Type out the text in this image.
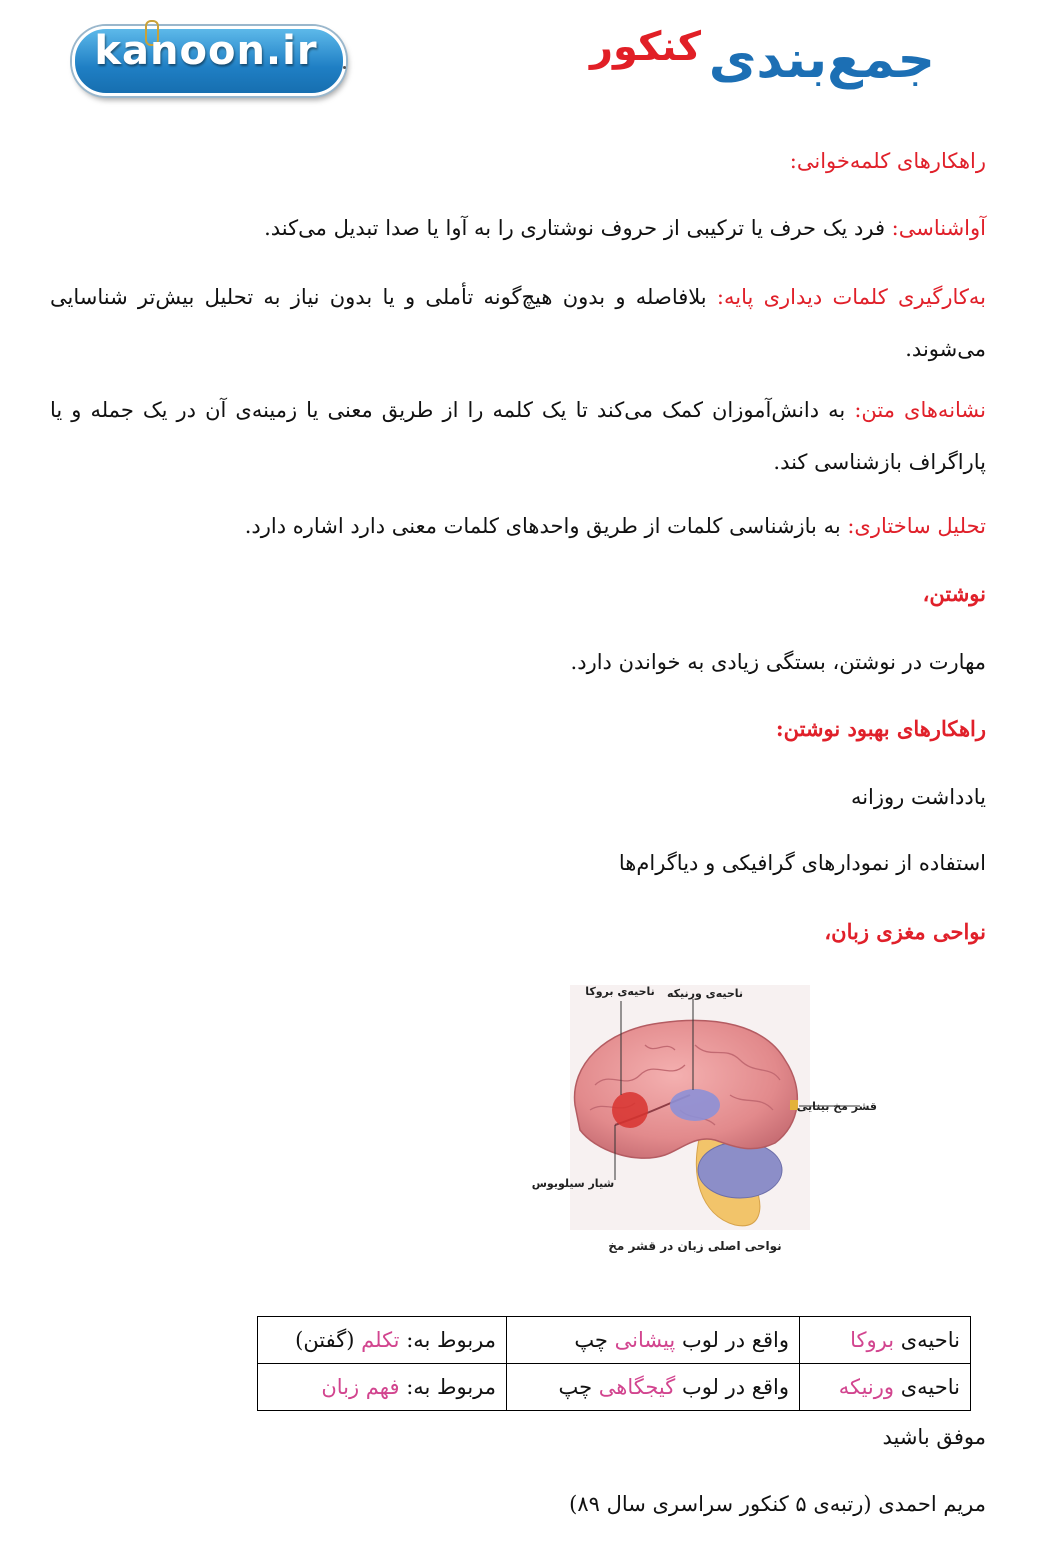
kanoon.ir	جمع‌بندی
کنکور
راهکارهای کلمه‌خوانی:
آواشناسی: فرد یک حرف یا ترکیبی از حروف نوشتاری را به آوا یا صدا تبدیل می‌کند.
به‌کارگیری کلمات دیداری پایه: بلافاصله و بدون هیچ‌گونه تأملی و یا بدون نیاز به تحلیل بیش‌تر شناسایی می‌شوند.
نشانه‌های متن: به دانش‌آموزان کمک می‌کند تا یک کلمه را از طریق معنی یا زمینه‌ی آن در یک جمله و یا پاراگراف بازشناسی کند.
تحلیل ساختاری: به بازشناسی کلمات از طریق واحدهای کلمات معنی دارد اشاره دارد.
نوشتن،
مهارت در نوشتن، بستگی زیادی به خواندن دارد.
راهکارهای بهبود نوشتن:
یادداشت روزانه
استفاده از نمودارهای گرافیکی و دیاگرام‌ها
نواحی مغزی زبان،
ناحیه‌ی بروکا ناحیه‌ی ورنیکه
قشر مخ بینایی
شیار سیلویوس
نواحی اصلی زبان در قشر مخ
ناحیه‌ی بروکا	واقع در لوب پیشانی چپ	مربوط به: تکلم (گفتن)
ناحیه‌ی ورنیکه	واقع در لوب گیجگاهی چپ	مربوط به: فهم زبان
موفق باشید
مریم احمدی (رتبه‌ی ۵ کنکور سراسری سال ۸۹)
